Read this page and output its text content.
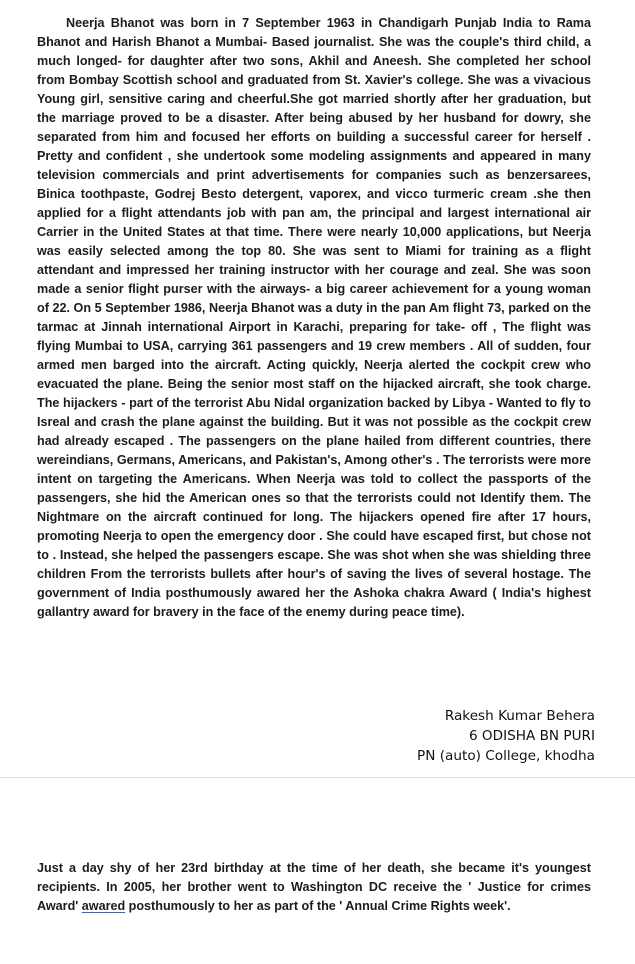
Neerja Bhanot was born in 7 September 1963 in Chandigarh Punjab India to Rama Bhanot and Harish Bhanot a Mumbai- Based journalist. She was the couple's third child, a much longed- for daughter after two sons, Akhil and Aneesh. She completed her school from Bombay Scottish school and graduated from St. Xavier's college. She was a vivacious Young girl, sensitive caring and cheerful.She got married shortly after her graduation, but the marriage proved to be a disaster. After being abused by her husband for dowry, she separated from him and focused her efforts on building a successful career for herself . Pretty and confident , she undertook some modeling assignments and appeared in many television commercials and print advertisements for companies such as benzersarees, Binica toothpaste, Godrej Besto detergent, vaporex, and vicco turmeric cream .she then applied for a flight attendants job with pan am, the principal and largest international air Carrier in the United States at that time. There were nearly 10,000 applications, but Neerja was easily selected among the top 80. She was sent to Miami for training as a flight attendant and impressed her training instructor with her courage and zeal. She was soon made a senior flight purser with the airways- a big career achievement for a young woman of 22. On 5 September 1986, Neerja Bhanot was a duty in the pan Am flight 73, parked on the tarmac at Jinnah international Airport in Karachi, preparing for take- off , The flight was flying Mumbai to USA, carrying 361 passengers and 19 crew members . All of sudden, four armed men barged into the aircraft. Acting quickly, Neerja alerted the cockpit crew who evacuated the plane. Being the senior most staff on the hijacked aircraft, she took charge. The hijackers - part of the terrorist Abu Nidal organization backed by Libya - Wanted to fly to Isreal and crash the plane against the building. But it was not possible as the cockpit crew had already escaped . The passengers on the plane hailed from different countries, there wereindians, Germans, Americans, and Pakistan's, Among other's . The terrorists were more intent on targeting the Americans. When Neerja was told to collect the passports of the passengers, she hid the American ones so that the terrorists could not Identify them. The Nightmare on the aircraft continued for long. The hijackers opened fire after 17 hours, promoting Neerja to open the emergency door . She could have escaped first, but chose not to . Instead, she helped the passengers escape. She was shot when she was shielding three children From the terrorists bullets after hour's of saving the lives of several hostage. The government of India posthumously awared her the Ashoka chakra Award ( India's highest gallantry award for bravery in the face of the enemy during peace time).

Rakesh Kumar Behera
6 ODISHA BN PURI
PN (auto) College, khodha

Just a day shy of her 23rd birthday at the time of her death, she became it's youngest recipients. In 2005, her brother went to Washington DC receive the ' Justice for crimes Award' awared posthumously to her as part of the ' Annual Crime Rights week'.
